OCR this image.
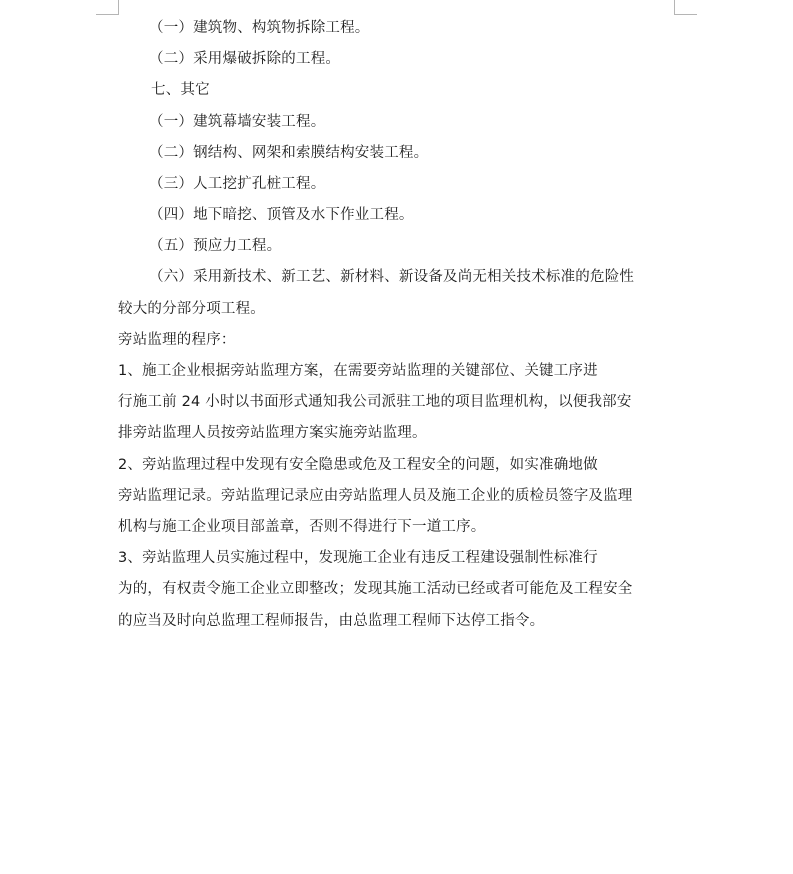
（一）建筑物、构筑物拆除工程。
（二）采用爆破拆除的工程。
七、其它
（一）建筑幕墙安装工程。
（二）钢结构、网架和索膜结构安装工程。
（三）人工挖扩孔桩工程。
（四）地下暗挖、顶管及水下作业工程。
（五）预应力工程。
（六）采用新技术、新工艺、新材料、新设备及尚无相关技术标准的危险性
较大的分部分项工程。
旁站监理的程序：
1、施工企业根据旁站监理方案，在需要旁站监理的关键部位、关键工序进
行施工前 24 小时以书面形式通知我公司派驻工地的项目监理机构，以便我部安
排旁站监理人员按旁站监理方案实施旁站监理。
2、旁站监理过程中发现有安全隐患或危及工程安全的问题，如实准确地做
旁站监理记录。旁站监理记录应由旁站监理人员及施工企业的质检员签字及监理
机构与施工企业项目部盖章，否则不得进行下一道工序。
3、旁站监理人员实施过程中，发现施工企业有违反工程建设强制性标准行
为的，有权责令施工企业立即整改；发现其施工活动已经或者可能危及工程安全
的应当及时向总监理工程师报告，由总监理工程师下达停工指令。
